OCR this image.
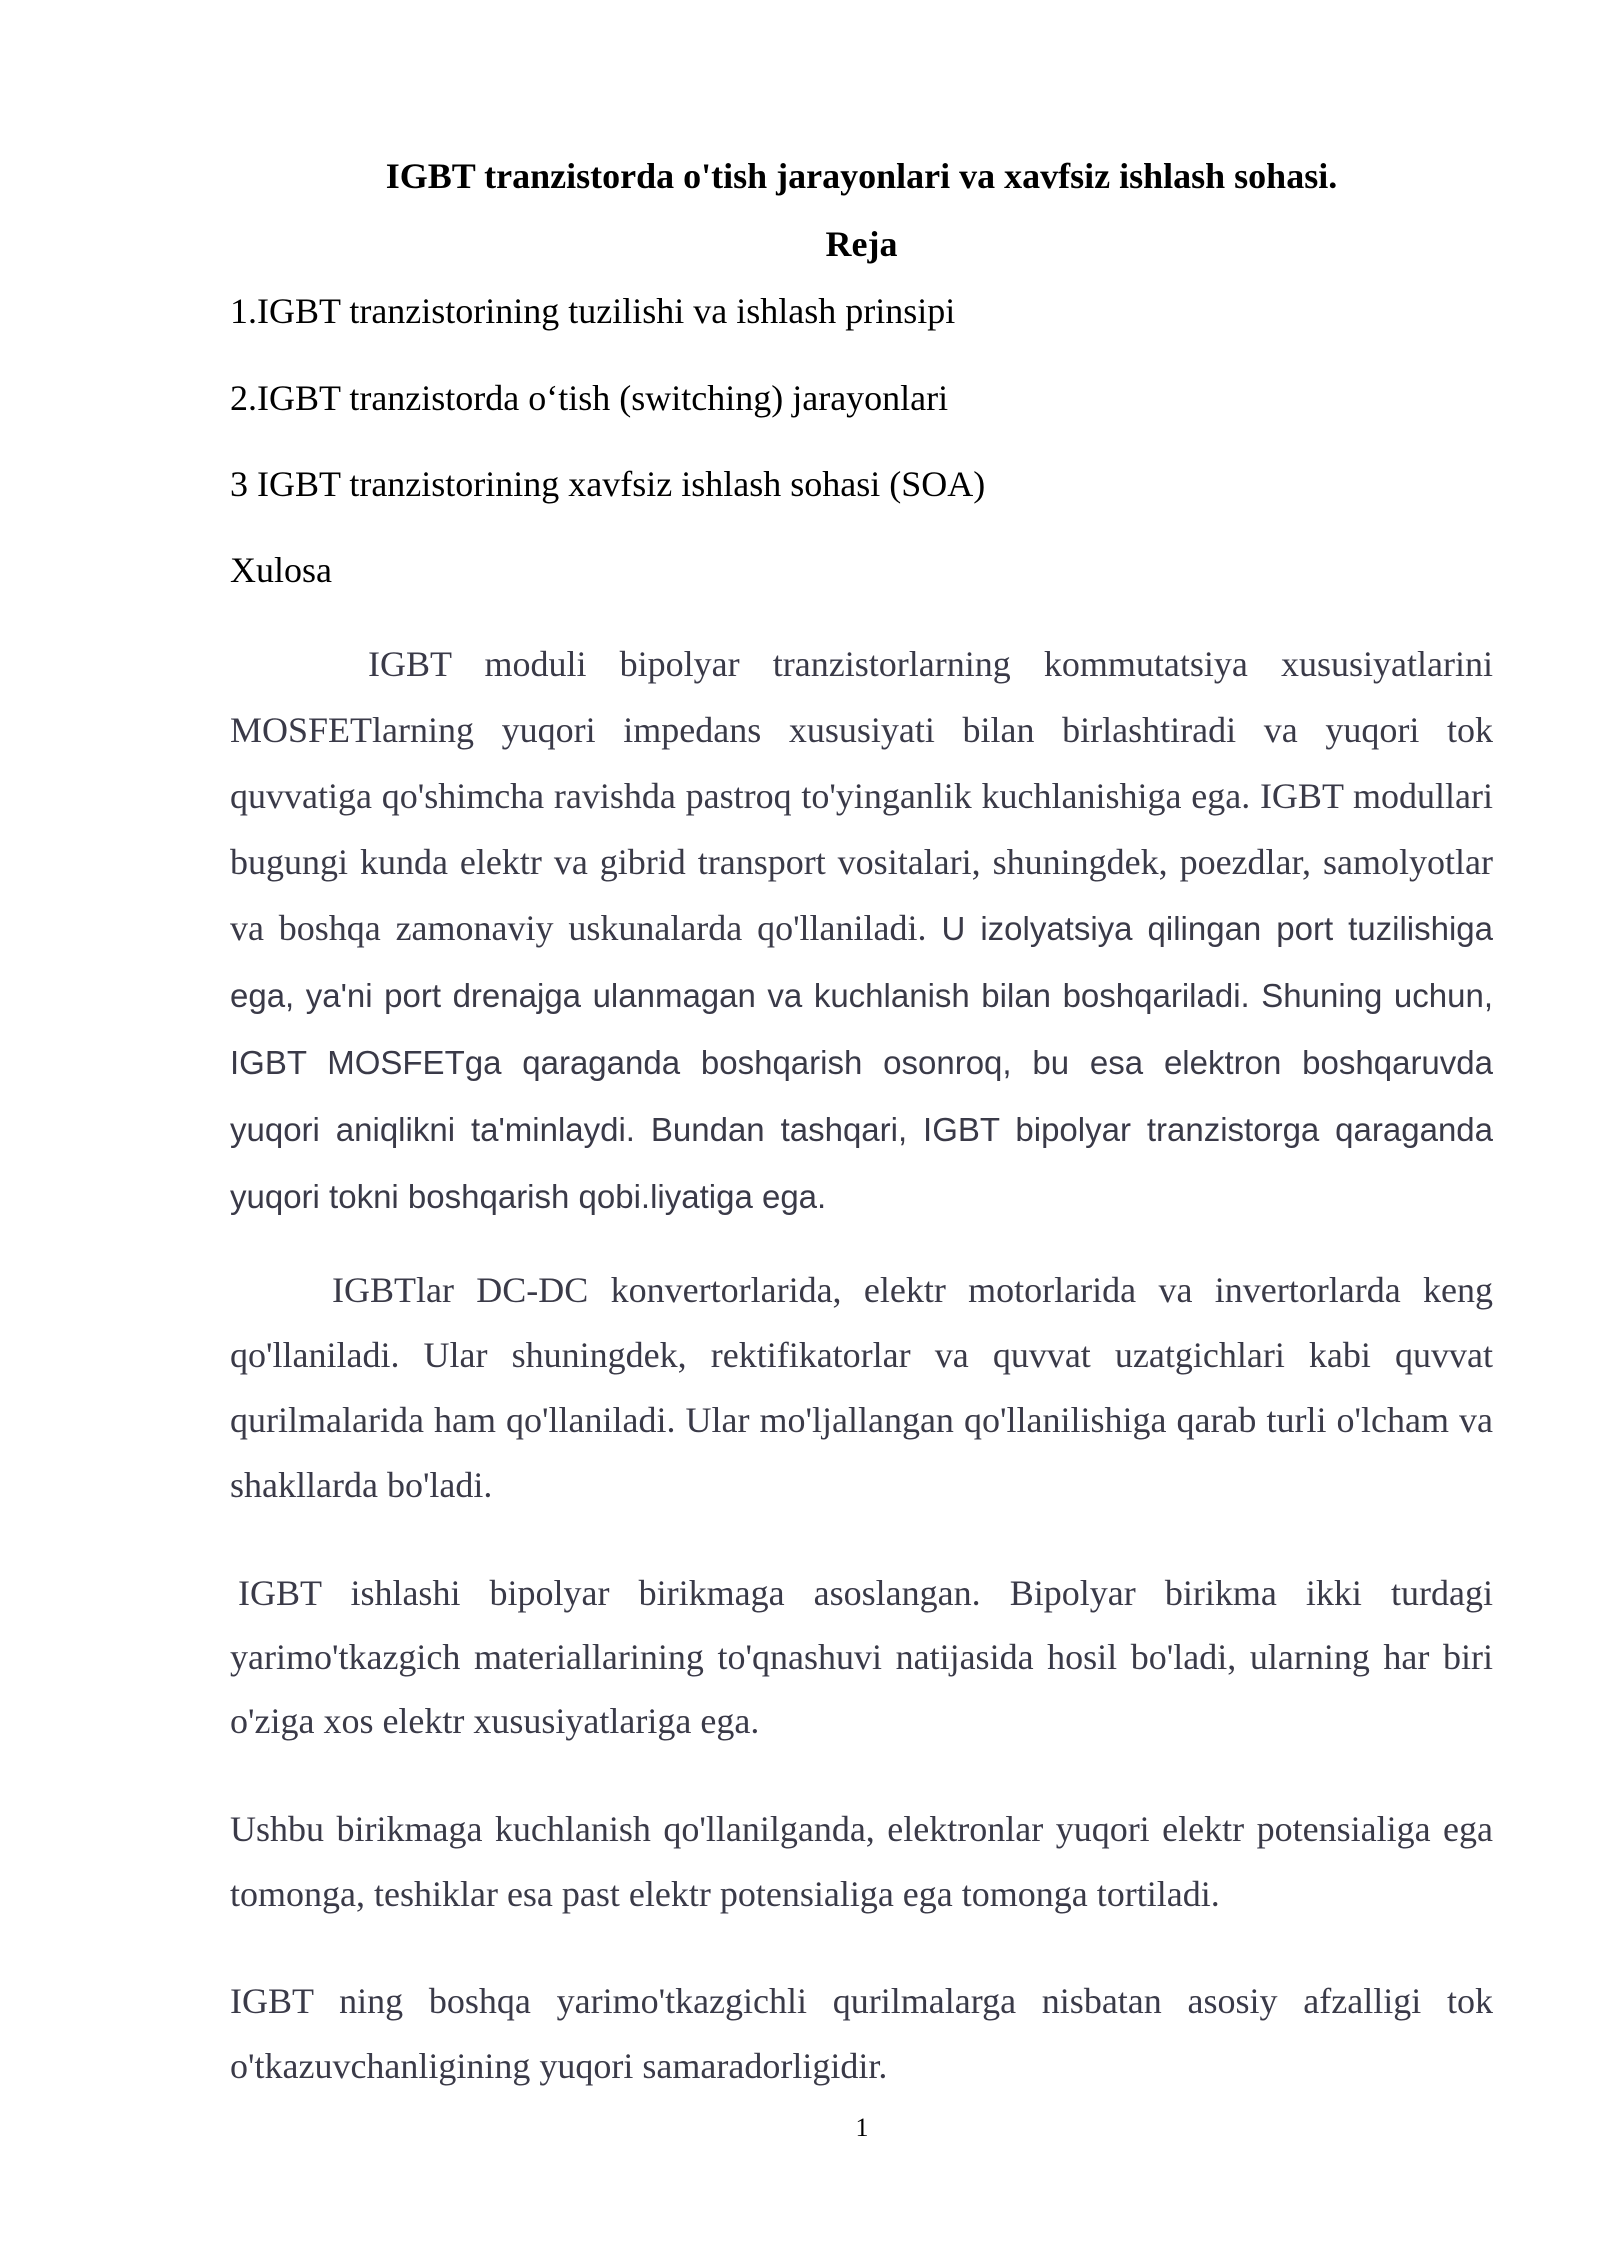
IGBT tranzistorda o'tish jarayonlari va xavfsiz ishlash sohasi.
Reja
1.IGBT tranzistorining tuzilishi va ishlash prinsipi
2.IGBT tranzistorda o‘tish (switching) jarayonlari
3 IGBT tranzistorining xavfsiz ishlash sohasi (SOA)
Xulosa

IGBT moduli bipolyar tranzistorlarning kommutatsiya xususiyatlarini MOSFETlarning yuqori impedans xususiyati bilan birlashtiradi va yuqori tok quvvatiga qo'shimcha ravishda pastroq to'yinganlik kuchlanishiga ega. IGBT modullari bugungi kunda elektr va gibrid transport vositalari, shuningdek, poezdlar, samolyotlar va boshqa zamonaviy uskunalarda qo'llaniladi. U izolyatsiya qilingan port tuzilishiga ega, ya'ni port drenajga ulanmagan va kuchlanish bilan boshqariladi. Shuning uchun, IGBT MOSFETga qaraganda boshqarish osonroq, bu esa elektron boshqaruvda yuqori aniqlikni ta'minlaydi. Bundan tashqari, IGBT bipolyar tranzistorga qaraganda yuqori tokni boshqarish qobi.liyatiga ega.

IGBTlar DC-DC konvertorlarida, elektr motorlarida va invertorlarda keng qo'llaniladi. Ular shuningdek, rektifikatorlar va quvvat uzatgichlari kabi quvvat qurilmalarida ham qo'llaniladi. Ular mo'ljallangan qo'llanilishiga qarab turli o'lcham va shakllarda bo'ladi.

IGBT ishlashi bipolyar birikmaga asoslangan. Bipolyar birikma ikki turdagi yarimo'tkazgich materiallarining to'qnashuvi natijasida hosil bo'ladi, ularning har biri o'ziga xos elektr xususiyatlariga ega.

Ushbu birikmaga kuchlanish qo'llanilganda, elektronlar yuqori elektr potensialiga ega tomonga, teshiklar esa past elektr potensialiga ega tomonga tortiladi.

IGBT ning boshqa yarimo'tkazgichli qurilmalarga nisbatan asosiy afzalligi tok o'tkazuvchanligining yuqori samaradorligidir.

1
